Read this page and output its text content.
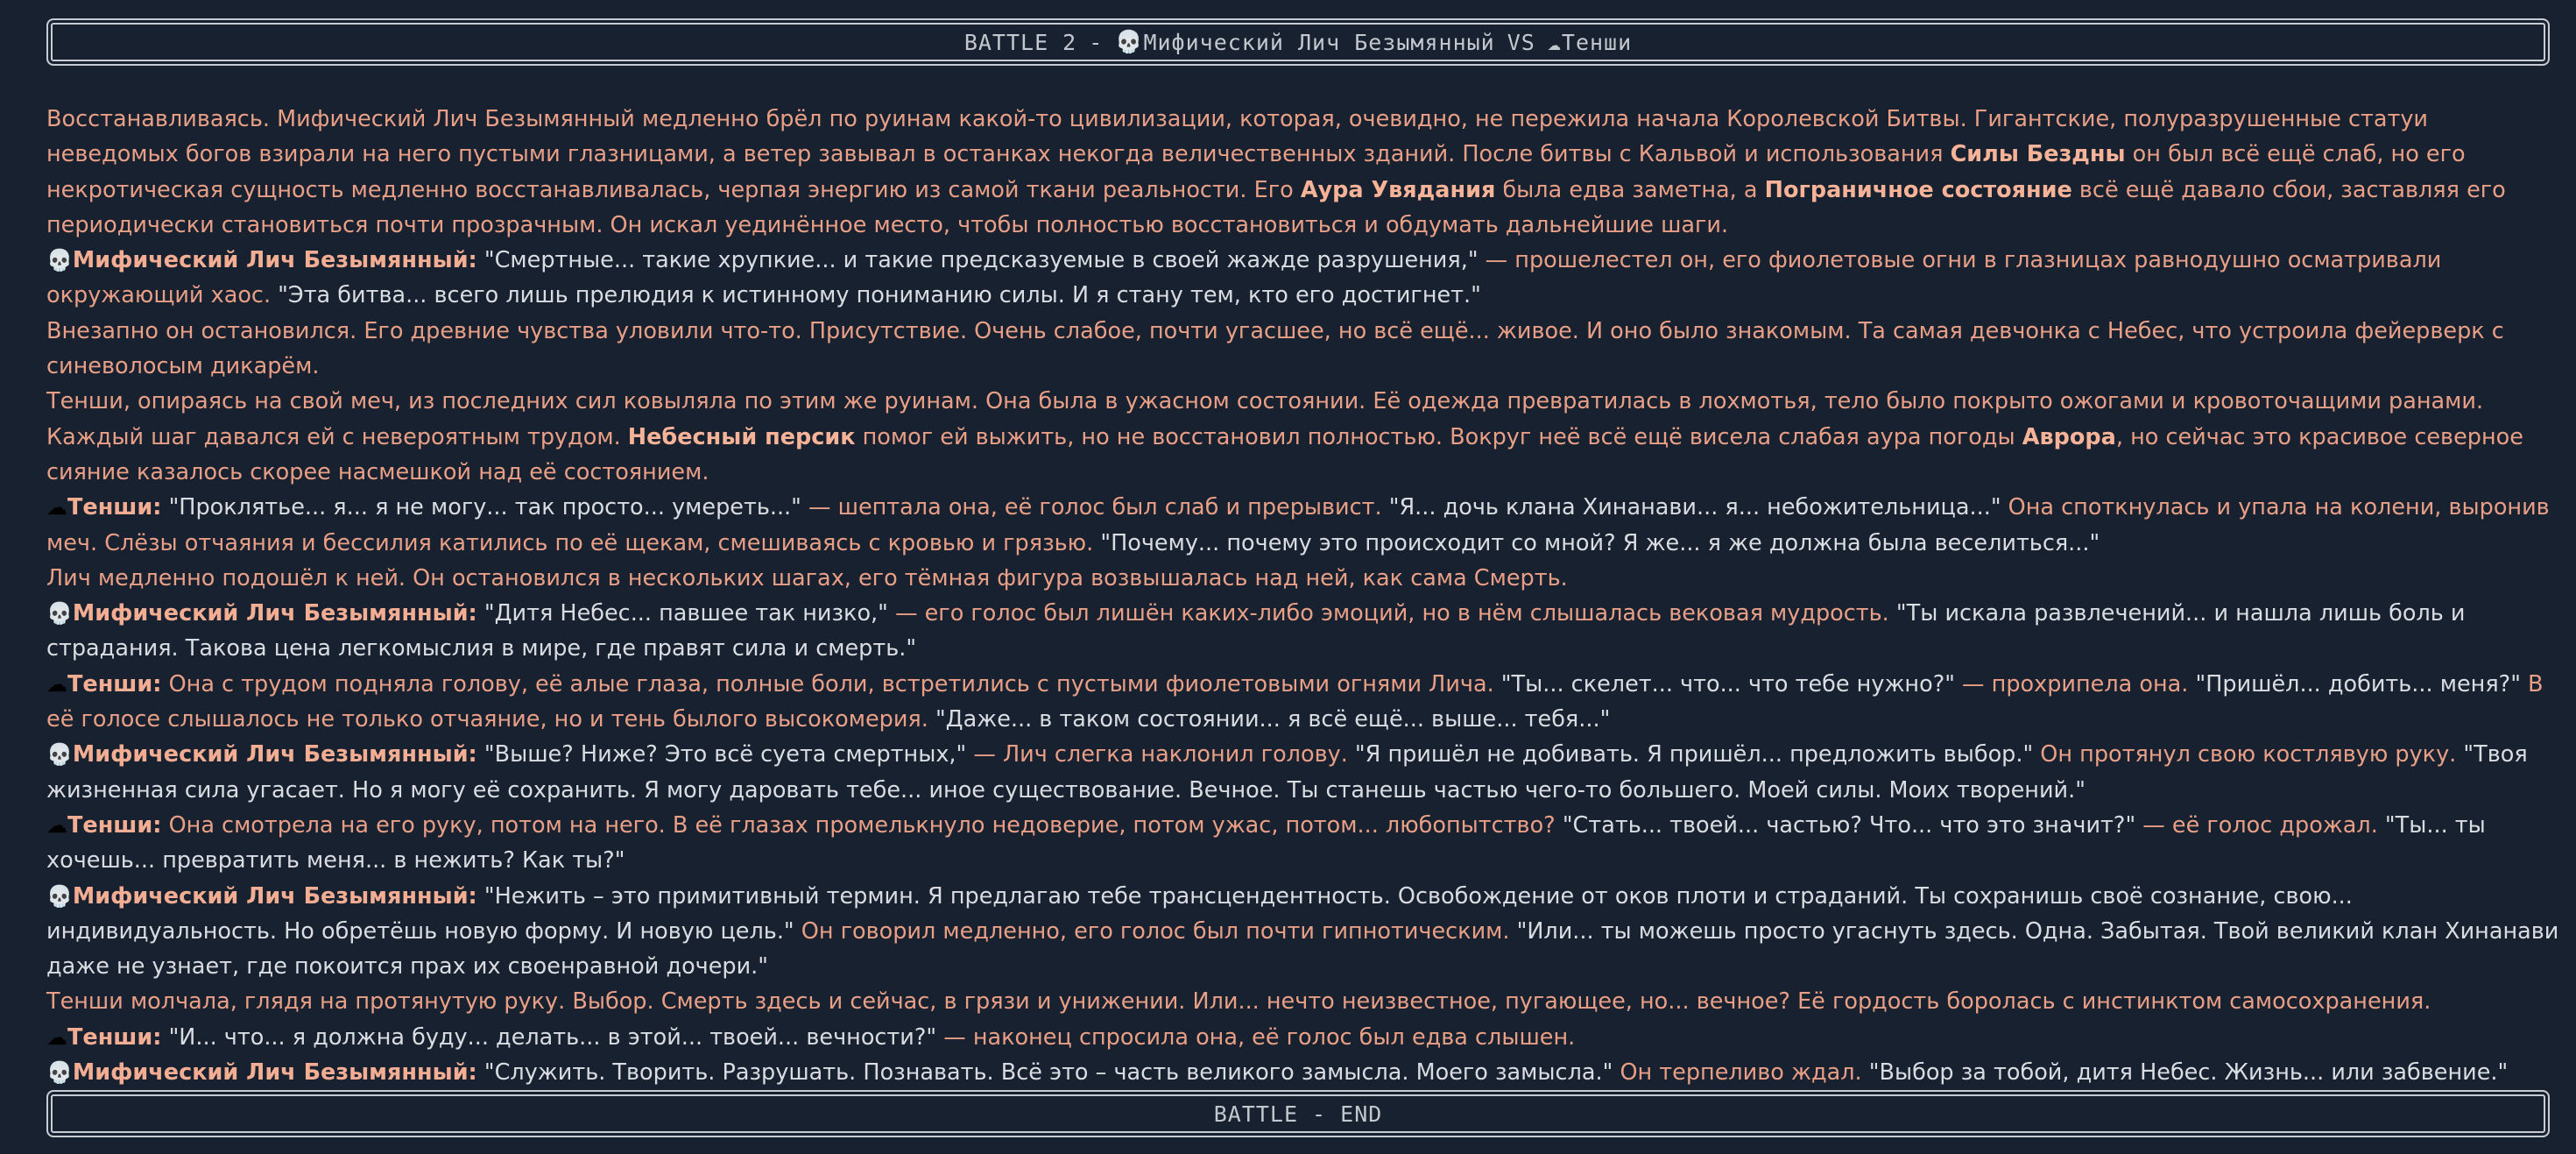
BATTLE 2 - 💀 Мифический Лич Безымянный VS ☁ Тенши

Восстанавливаясь. Мифический Лич Безымянный медленно брёл по руинам какой-то цивилизации, которая, очевидно, не пережила начала Королевской Битвы. Гигантские, полуразрушенные статуи неведомых богов взирали на него пустыми глазницами, а ветер завывал в останках некогда величественных зданий. После битвы с Кальвой и использования Силы Бездны он был всё ещё слаб, но его некротическая сущность медленно восстанавливалась, черпая энергию из самой ткани реальности. Его Аура Увядания была едва заметна, а Пограничное состояние всё ещё давало сбои, заставляя его периодически становиться почти прозрачным. Он искал уединённое место, чтобы полностью восстановиться и обдумать дальнейшие шаги.

💀Мифический Лич Безымянный: "Смертные... такие хрупкие... и такие предсказуемые в своей жажде разрушения," — прошелестел он, его фиолетовые огни в глазницах равнодушно осматривали окружающий хаос. "Эта битва... всего лишь прелюдия к истинному пониманию силы. И я стану тем, кто его достигнет."

Внезапно он остановился. Его древние чувства уловили что-то. Присутствие. Очень слабое, почти угасшее, но всё ещё... живое. И оно было знакомым. Та самая девчонка с Небес, что устроила фейерверк с синеволосым дикарём.

Тенши, опираясь на свой меч, из последних сил ковыляла по этим же руинам. Она была в ужасном состоянии. Её одежда превратилась в лохмотья, тело было покрыто ожогами и кровоточащими ранами. Каждый шаг давался ей с невероятным трудом. Небесный персик помог ей выжить, но не восстановил полностью. Вокруг неё всё ещё висела слабая аура погоды Аврора, но сейчас это красивое северное сияние казалось скорее насмешкой над её состоянием.

☁Тенши: "Проклятье... я... я не могу... так просто... умереть..." — шептала она, её голос был слаб и прерывист. "Я... дочь клана Хинанави... я... небожительница..." Она споткнулась и упала на колени, выронив меч. Слёзы отчаяния и бессилия катились по её щекам, смешиваясь с кровью и грязью. "Почему... почему это происходит со мной? Я же... я же должна была веселиться..."

Лич медленно подошёл к ней. Он остановился в нескольких шагах, его тёмная фигура возвышалась над ней, как сама Смерть.

💀Мифический Лич Безымянный: "Дитя Небес... павшее так низко," — его голос был лишён каких-либо эмоций, но в нём слышалась вековая мудрость. "Ты искала развлечений... и нашла лишь боль и страдания. Такова цена легкомыслия в мире, где правят сила и смерть."

☁Тенши: Она с трудом подняла голову, её алые глаза, полные боли, встретились с пустыми фиолетовыми огнями Лича. "Ты... скелет... что... что тебе нужно?" — прохрипела она. "Пришёл... добить... меня?" В её голосе слышалось не только отчаяние, но и тень былого высокомерия. "Даже... в таком состоянии... я всё ещё... выше... тебя..."

💀Мифический Лич Безымянный: "Выше? Ниже? Это всё суета смертных," — Лич слегка наклонил голову. "Я пришёл не добивать. Я пришёл... предложить выбор." Он протянул свою костлявую руку. "Твоя жизненная сила угасает. Но я могу её сохранить. Я могу даровать тебе... иное существование. Вечное. Ты станешь частью чего-то большего. Моей силы. Моих творений."

☁Тенши: Она смотрела на его руку, потом на него. В её глазах промелькнуло недоверие, потом ужас, потом... любопытство? "Стать... твоей... частью? Что... что это значит?" — её голос дрожал. "Ты... ты хочешь... превратить меня... в нежить? Как ты?"

💀Мифический Лич Безымянный: "Нежить – это примитивный термин. Я предлагаю тебе трансцендентность. Освобождение от оков плоти и страданий. Ты сохранишь своё сознание, свою... индивидуальность. Но обретёшь новую форму. И новую цель." Он говорил медленно, его голос был почти гипнотическим. "Или... ты можешь просто угаснуть здесь. Одна. Забытая. Твой великий клан Хинанави даже не узнает, где покоится прах их своенравной дочери."

Тенши молчала, глядя на протянутую руку. Выбор. Смерть здесь и сейчас, в грязи и унижении. Или... нечто неизвестное, пугающее, но... вечное? Её гордость боролась с инстинктом самосохранения.

☁Тенши: "И... что... я должна буду... делать... в этой... твоей... вечности?" — наконец спросила она, её голос был едва слышен.

💀Мифический Лич Безымянный: "Служить. Творить. Разрушать. Познавать. Всё это – часть великого замысла. Моего замысла." Он терпеливо ждал. "Выбор за тобой, дитя Небес. Жизнь... или забвение."

BATTLE - END
